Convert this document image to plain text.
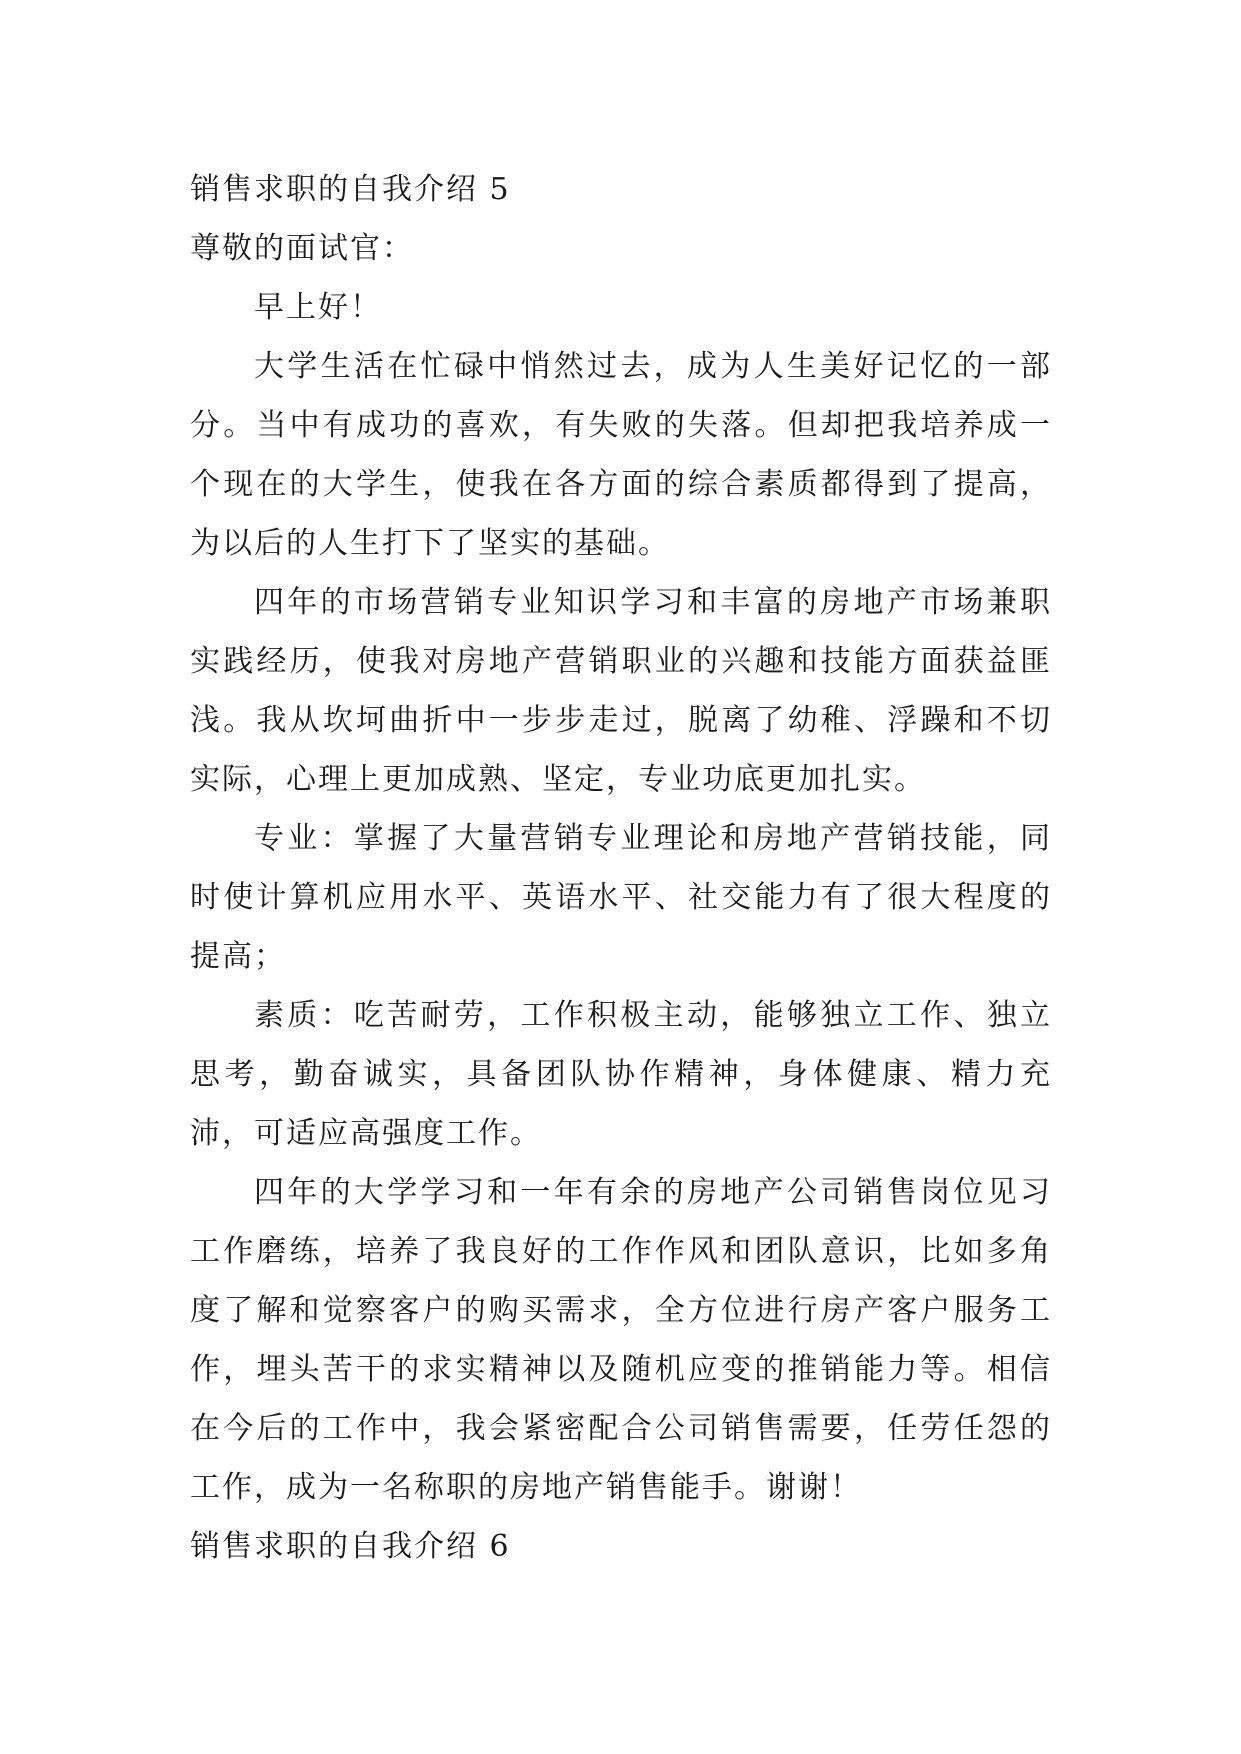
销售求职的自我介绍 5
尊敬的面试官：

早上好！

大学生活在忙碌中悄然过去，成为人生美好记忆的一部分。当中有成功的喜欢，有失败的失落。但却把我培养成一个现在的大学生，使我在各方面的综合素质都得到了提高，为以后的人生打下了坚实的基础。

四年的市场营销专业知识学习和丰富的房地产市场兼职实践经历，使我对房地产营销职业的兴趣和技能方面获益匪浅。我从坎坷曲折中一步步走过，脱离了幼稚、浮躁和不切实际，心理上更加成熟、坚定，专业功底更加扎实。

专业：掌握了大量营销专业理论和房地产营销技能，同时使计算机应用水平、英语水平、社交能力有了很大程度的提高；

素质：吃苦耐劳，工作积极主动，能够独立工作、独立思考，勤奋诚实，具备团队协作精神，身体健康、精力充沛，可适应高强度工作。

四年的大学学习和一年有余的房地产公司销售岗位见习工作磨练，培养了我良好的工作作风和团队意识，比如多角度了解和觉察客户的购买需求，全方位进行房产客户服务工作，埋头苦干的求实精神以及随机应变的推销能力等。相信在今后的工作中，我会紧密配合公司销售需要，任劳任怨的工作，成为一名称职的房地产销售能手。谢谢！

销售求职的自我介绍 6
